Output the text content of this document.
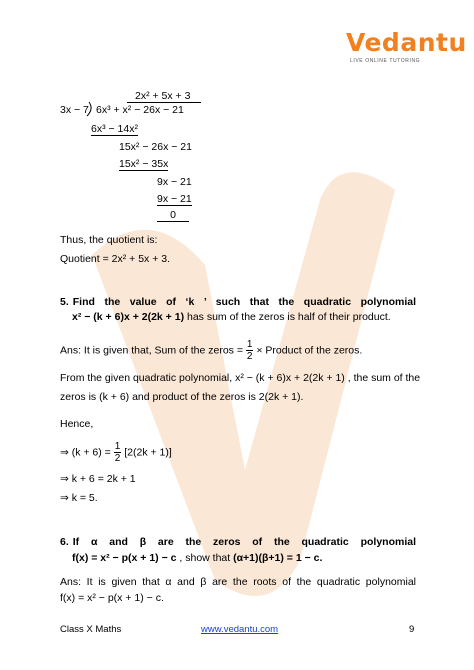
Vedantu
LIVE ONLINE TUTORING
2x² + 5x + 3
3x − 7 6x³ + x² − 26x − 21
6x³ − 14x²
15x² − 26x − 21
15x² − 35x
9x − 21
9x − 21
0
Thus, the quotient is:
Quotient = 2x² + 5x + 3.
5. Find the value of ‘k ’ such that the quadratic polynomial
x² − (k + 6)x + 2(2k + 1) has sum of the zeros is half of their product.
Ans: It is given that, Sum of the zeros = $\frac{1}{2}$ × Product of the zeros.
From the given quadratic polynomial, x² − (k + 6)x + 2(2k + 1) , the sum of the
zeros is (k + 6) and product of the zeros is 2(2k + 1).
Hence,
⇒ $(k + 6) = \frac{1}{2} [2(2k + 1)]$
⇒ k + 6 = 2k + 1
⇒ k = 5.
6. If α and β are the zeros of the quadratic polynomial
f(x) = x² − p(x + 1) − c , show that (α+1)(β+1) = 1 − c.
Ans: It is given that α and β are the roots of the quadratic polynomial
f(x) = x² − p(x + 1) − c.
Class X Maths	www.vedantu.com	9
